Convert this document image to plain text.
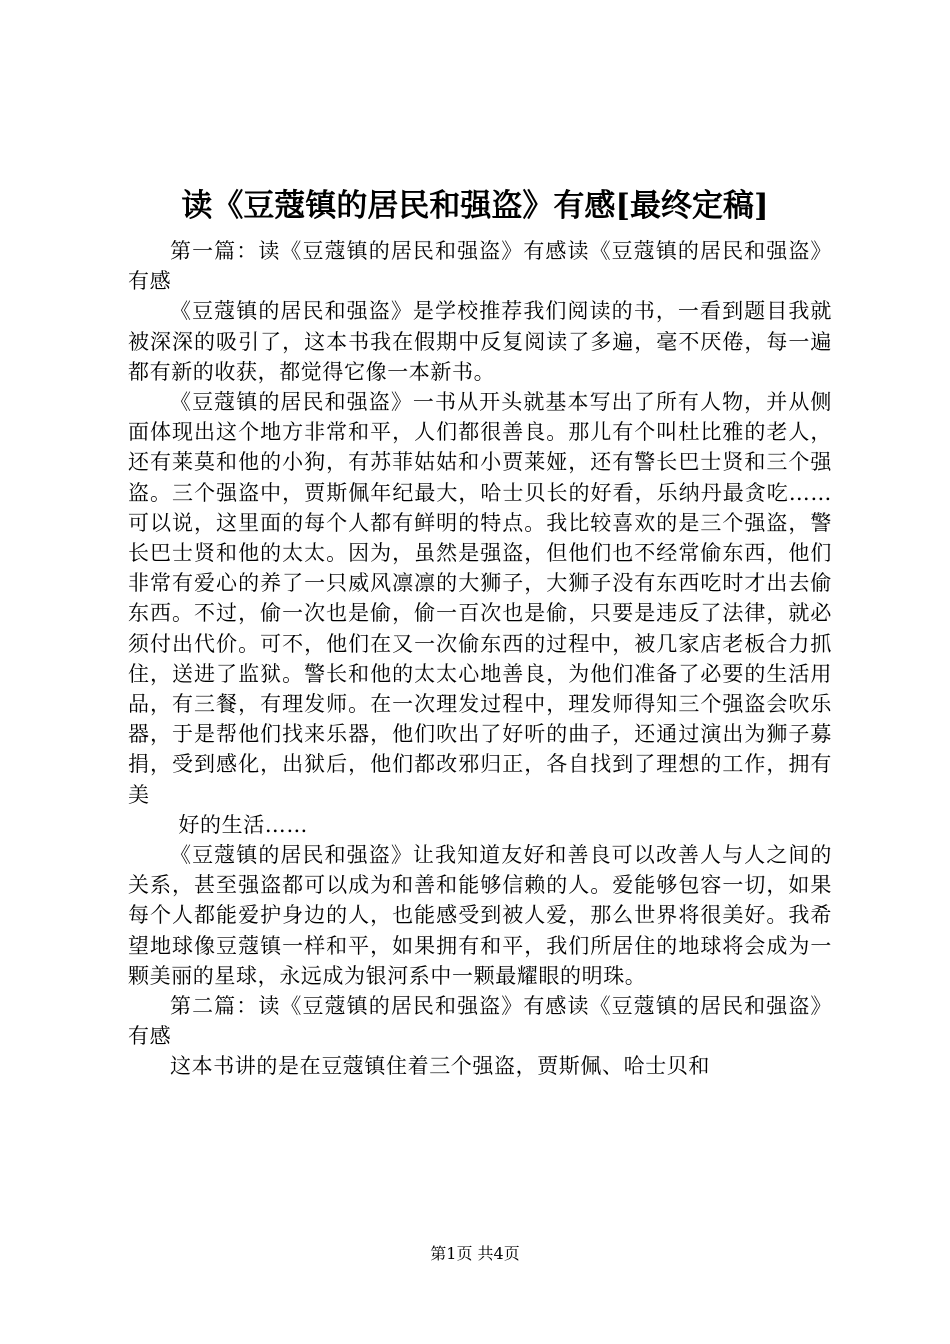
读《豆蔻镇的居民和强盗》有感[最终定稿]

第一篇：读《豆蔻镇的居民和强盗》有感读《豆蔻镇的居民和强盗》有感

《豆蔻镇的居民和强盗》是学校推荐我们阅读的书，一看到题目我就被深深的吸引了，这本书我在假期中反复阅读了多遍，毫不厌倦，每一遍都有新的收获，都觉得它像一本新书。

《豆蔻镇的居民和强盗》一书从开头就基本写出了所有人物，并从侧面体现出这个地方非常和平，人们都很善良。那儿有个叫杜比雅的老人，还有莱莫和他的小狗，有苏菲姑姑和小贾莱娅，还有警长巴士贤和三个强盗。三个强盗中，贾斯佩年纪最大，哈士贝长的好看，乐纳丹最贪吃……可以说，这里面的每个人都有鲜明的特点。我比较喜欢的是三个强盗，警长巴士贤和他的太太。因为，虽然是强盗，但他们也不经常偷东西，他们非常有爱心的养了一只威风凛凛的大狮子，大狮子没有东西吃时才出去偷东西。不过，偷一次也是偷，偷一百次也是偷，只要是违反了法律，就必须付出代价。可不，他们在又一次偷东西的过程中，被几家店老板合力抓住，送进了监狱。警长和他的太太心地善良，为他们准备了必要的生活用品，有三餐，有理发师。在一次理发过程中，理发师得知三个强盗会吹乐器，于是帮他们找来乐器，他们吹出了好听的曲子，还通过演出为狮子募捐，受到感化，出狱后，他们都改邪归正，各自找到了理想的工作，拥有美

好的生活……

《豆蔻镇的居民和强盗》让我知道友好和善良可以改善人与人之间的关系，甚至强盗都可以成为和善和能够信赖的人。爱能够包容一切，如果每个人都能爱护身边的人，也能感受到被人爱，那么世界将很美好。我希望地球像豆蔻镇一样和平，如果拥有和平，我们所居住的地球将会成为一颗美丽的星球，永远成为银河系中一颗最耀眼的明珠。

第二篇：读《豆蔻镇的居民和强盗》有感读《豆蔻镇的居民和强盗》有感

这本书讲的是在豆蔻镇住着三个强盗，贾斯佩、哈士贝和

第1页 共4页
